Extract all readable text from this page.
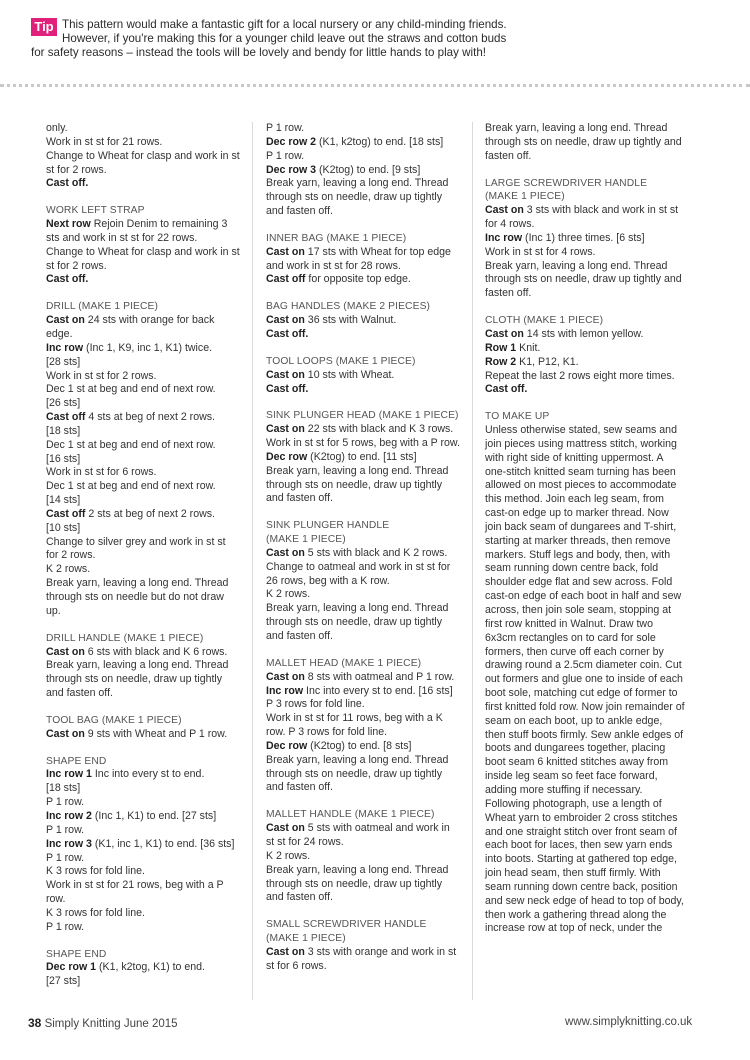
Tip This pattern would make a fantastic gift for a local nursery or any child-minding friends.
However, if you're making this for a younger child leave out the straws and cotton buds
for safety reasons – instead the tools will be lovely and bendy for little hands to play with!
only.
Work in st st for 21 rows.
Change to Wheat for clasp and work in st st for 2 rows.
Cast off.
WORK LEFT STRAP
Next row Rejoin Denim to remaining 3 sts and work in st st for 22 rows.
Change to Wheat for clasp and work in st st for 2 rows.
Cast off.
DRILL (MAKE 1 PIECE)
Cast on 24 sts with orange for back edge.
Inc row (Inc 1, K9, inc 1, K1) twice.
[28 sts]
Work in st st for 2 rows.
Dec 1 st at beg and end of next row.
[26 sts]
Cast off 4 sts at beg of next 2 rows.
[18 sts]
Dec 1 st at beg and end of next row.
[16 sts]
Work in st st for 6 rows.
Dec 1 st at beg and end of next row.
[14 sts]
Cast off 2 sts at beg of next 2 rows.
[10 sts]
Change to silver grey and work in st st for 2 rows.
K 2 rows.
Break yarn, leaving a long end. Thread through sts on needle but do not draw up.
DRILL HANDLE (MAKE 1 PIECE)
Cast on 6 sts with black and K 6 rows.
Break yarn, leaving a long end. Thread through sts on needle, draw up tightly and fasten off.
TOOL BAG (MAKE 1 PIECE)
Cast on 9 sts with Wheat and P 1 row.
SHAPE END
Inc row 1 Inc into every st to end.
[18 sts]
P 1 row.
Inc row 2 (Inc 1, K1) to end. [27 sts]
P 1 row.
Inc row 3 (K1, inc 1, K1) to end. [36 sts]
P 1 row.
K 3 rows for fold line.
Work in st st for 21 rows, beg with a P row.
K 3 rows for fold line.
P 1 row.
SHAPE END
Dec row 1 (K1, k2tog, K1) to end.
[27 sts]
P 1 row.
Dec row 2 (K1, k2tog) to end. [18 sts]
P 1 row.
Dec row 3 (K2tog) to end. [9 sts]
Break yarn, leaving a long end. Thread through sts on needle, draw up tightly and fasten off.
INNER BAG (MAKE 1 PIECE)
Cast on 17 sts with Wheat for top edge and work in st st for 28 rows.
Cast off for opposite top edge.
BAG HANDLES (MAKE 2 PIECES)
Cast on 36 sts with Walnut.
Cast off.
TOOL LOOPS (MAKE 1 PIECE)
Cast on 10 sts with Wheat.
Cast off.
SINK PLUNGER HEAD (MAKE 1 PIECE)
Cast on 22 sts with black and K 3 rows.
Work in st st for 5 rows, beg with a P row.
Dec row (K2tog) to end. [11 sts]
Break yarn, leaving a long end. Thread through sts on needle, draw up tightly and fasten off.
SINK PLUNGER HANDLE
(MAKE 1 PIECE)
Cast on 5 sts with black and K 2 rows.
Change to oatmeal and work in st st for 26 rows, beg with a K row.
K 2 rows.
Break yarn, leaving a long end. Thread through sts on needle, draw up tightly and fasten off.
MALLET HEAD (MAKE 1 PIECE)
Cast on 8 sts with oatmeal and P 1 row.
Inc row Inc into every st to end. [16 sts]
P 3 rows for fold line.
Work in st st for 11 rows, beg with a K row. P 3 rows for fold line.
Dec row (K2tog) to end. [8 sts]
Break yarn, leaving a long end. Thread through sts on needle, draw up tightly and fasten off.
MALLET HANDLE (MAKE 1 PIECE)
Cast on 5 sts with oatmeal and work in st st for 24 rows.
K 2 rows.
Break yarn, leaving a long end. Thread through sts on needle, draw up tightly and fasten off.
SMALL SCREWDRIVER HANDLE
(MAKE 1 PIECE)
Cast on 3 sts with orange and work in st st for 6 rows.
Break yarn, leaving a long end. Thread through sts on needle, draw up tightly and fasten off.
LARGE SCREWDRIVER HANDLE
(MAKE 1 PIECE)
Cast on 3 sts with black and work in st st for 4 rows.
Inc row (Inc 1) three times. [6 sts]
Work in st st for 4 rows.
Break yarn, leaving a long end. Thread through sts on needle, draw up tightly and fasten off.
CLOTH (MAKE 1 PIECE)
Cast on 14 sts with lemon yellow.
Row 1 Knit.
Row 2 K1, P12, K1.
Repeat the last 2 rows eight more times.
Cast off.
TO MAKE UP
Unless otherwise stated, sew seams and join pieces using mattress stitch, working with right side of knitting uppermost. A one-stitch knitted seam turning has been allowed on most pieces to accommodate this method. Join each leg seam, from cast-on edge up to marker thread. Now join back seam of dungarees and T-shirt, starting at marker threads, then remove markers. Stuff legs and body, then, with seam running down centre back, fold shoulder edge flat and sew across. Fold cast-on edge of each boot in half and sew across, then join sole seam, stopping at first row knitted in Walnut. Draw two 6x3cm rectangles on to card for sole formers, then curve off each corner by drawing round a 2.5cm diameter coin. Cut out formers and glue one to inside of each boot sole, matching cut edge of former to first knitted fold row. Now join remainder of seam on each boot, up to ankle edge, then stuff boots firmly. Sew ankle edges of boots and dungarees together, placing boot seam 6 knitted stitches away from inside leg seam so feet face forward, adding more stuffing if necessary. Following photograph, use a length of Wheat yarn to embroider 2 cross stitches and one straight stitch over front seam of each boot for laces, then sew yarn ends into boots. Starting at gathered top edge, join head seam, then stuff firmly. With seam running down centre back, position and sew neck edge of head to top of body, then work a gathering thread along the increase row at top of neck, under the
38 Simply Knitting June 2015	www.simplyknitting.co.uk
